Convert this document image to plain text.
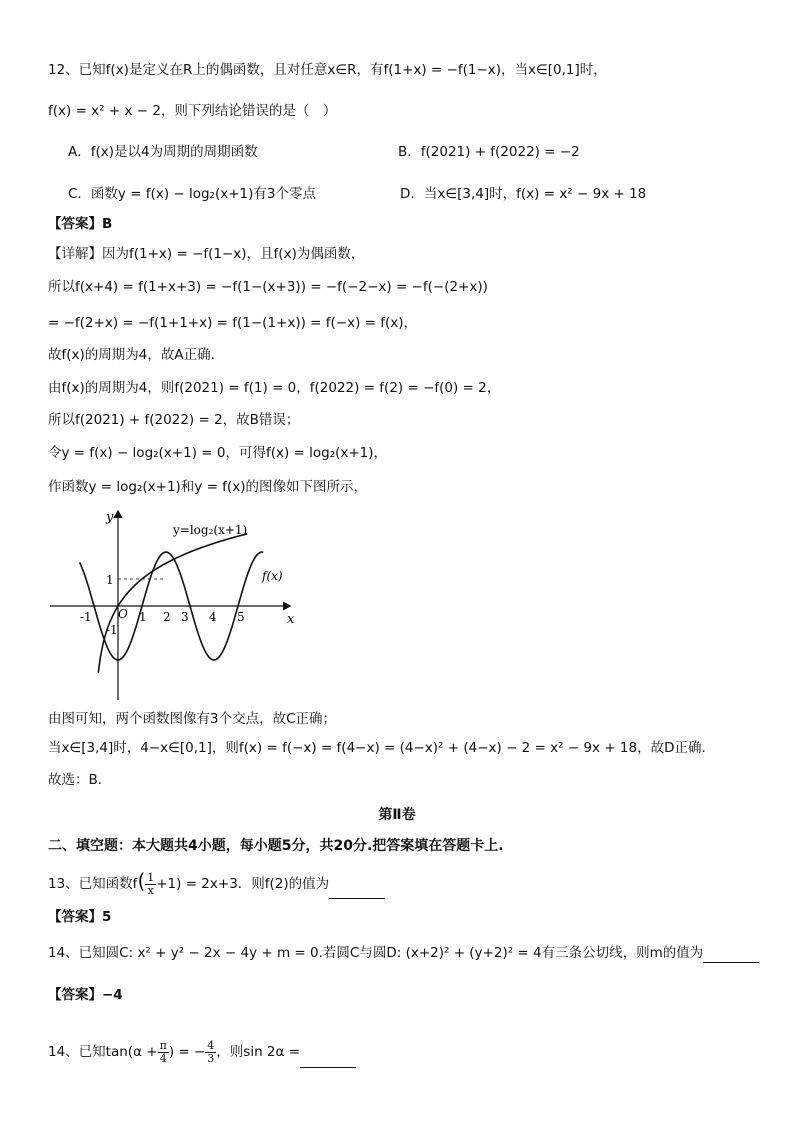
12、已知f(x)是定义在R上的偶函数，且对任意x∈R，有f(1+x) = −f(1−x)，当x∈[0,1]时，
f(x) = x² + x − 2，则下列结论错误的是（　）
A．f(x)是以4为周期的周期函数	B．f(2021) + f(2022) = −2
C．函数y = f(x) − log₂(x+1)有3个零点	D．当x∈[3,4]时，f(x) = x² − 9x + 18
【答案】B
【详解】因为f(1+x) = −f(1−x)，且f(x)为偶函数，
所以f(x+4) = f(1+x+3) = −f(1−(x+3)) = −f(−2−x) = −f(−(2+x))
= −f(2+x) = −f(1+1+x) = f(1−(1+x)) = f(−x) = f(x)，
故f(x)的周期为4，故A正确．
由f(x)的周期为4，则f(2021) = f(1) = 0，f(2022) = f(2) = −f(0) = 2，
所以f(2021) + f(2022) = 2，故B错误；
令y = f(x) − log₂(x+1) = 0，可得f(x) = log₂(x+1)，
作函数y = log₂(x+1)和y = f(x)的图像如下图所示，
y
x
O
y=log₂(x+1)
f(x)
-1	1 2 3 4 5
1
-1
由图可知，两个函数图像有3个交点，故C正确；
当x∈[3,4]时，4−x∈[0,1]，则f(x) = f(−x) = f(4−x) = (4−x)² + (4−x) − 2 = x² − 9x + 18，故D正确．
故选：B．
第Ⅱ卷
二、填空题：本大题共4小题，每小题5分，共20分.把答案填在答题卡上.
13、已知函数$f( \frac{1}{x} +1) = 2x+3$．则f(2)的值为
【答案】5
14、已知圆C: x² + y² − 2x − 4y + m = 0.若圆C与圆D: (x+2)² + (y+2)² = 4有三条公切线，则m的值为
【答案】−4
14、已知$\tan(\alpha + \frac{\pi}{4}$ ) = − $\frac{4}{3}$ ，则sin 2α =
